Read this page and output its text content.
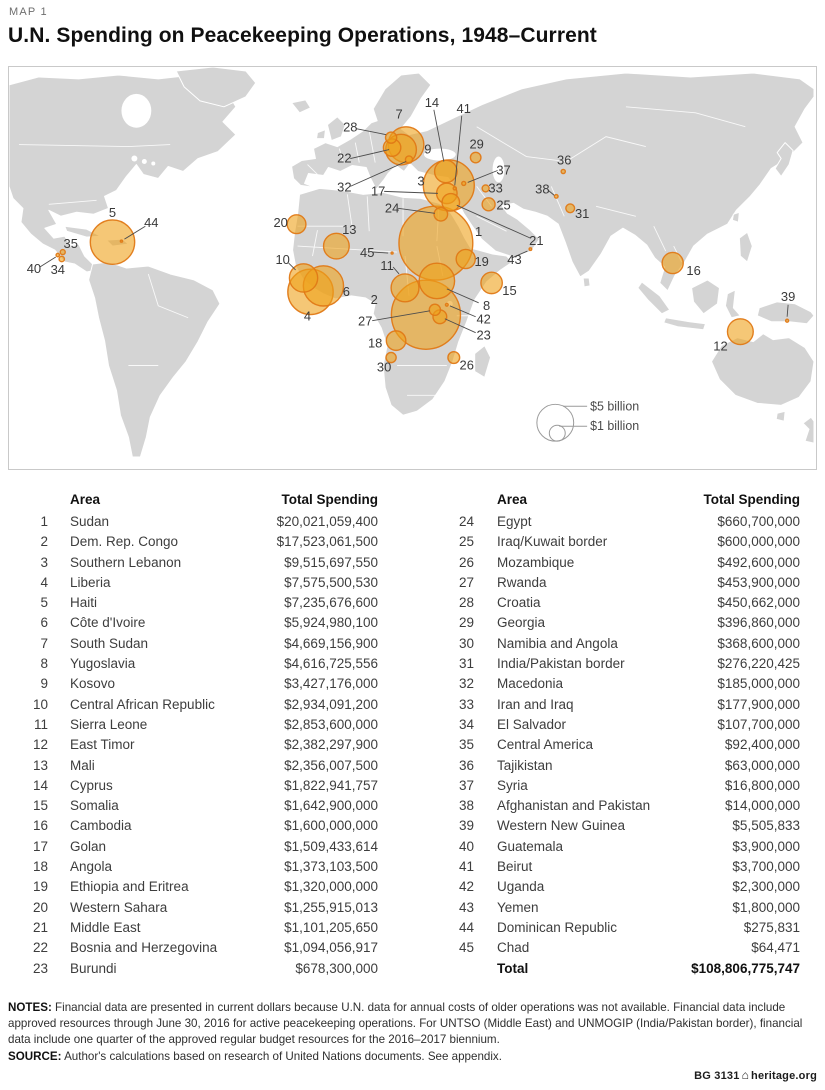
MAP 1
U.N. Spending on Peacekeeping Operations, 1948–Current
1
2
3
4
5
6
7
8
9
10	11
12
13
14
15
16
17
18
19
20
21
22
23
24	25
26
27
28
29
30
31
32	33
34
35
36
37
38
39
40
41
42
43
44
45
$5 billion
$1 billion
Area	Total Spending
1	Sudan	$20,021,059,400
2	Dem. Rep. Congo	$17,523,061,500
3	Southern Lebanon	$9,515,697,550
4	Liberia	$7,575,500,530
5	Haiti	$7,235,676,600
6	Côte d'Ivoire	$5,924,980,100
7	South Sudan	$4,669,156,900
8	Yugoslavia	$4,616,725,556
9	Kosovo	$3,427,176,000
10	Central African Republic	$2,934,091,200
11	Sierra Leone	$2,853,600,000
12	East Timor	$2,382,297,900
13	Mali	$2,356,007,500
14	Cyprus	$1,822,941,757
15	Somalia	$1,642,900,000
16	Cambodia	$1,600,000,000
17	Golan	$1,509,433,614
18	Angola	$1,373,103,500
19	Ethiopia and Eritrea	$1,320,000,000
20	Western Sahara	$1,255,915,013
21	Middle East	$1,101,205,650
22	Bosnia and Herzegovina	$1,094,056,917
23	Burundi	$678,300,000
Area	Total Spending
24	Egypt	$660,700,000
25	Iraq/Kuwait border	$600,000,000
26	Mozambique	$492,600,000
27	Rwanda	$453,900,000
28	Croatia	$450,662,000
29	Georgia	$396,860,000
30	Namibia and Angola	$368,600,000
31	India/Pakistan border	$276,220,425
32	Macedonia	$185,000,000
33	Iran and Iraq	$177,900,000
34	El Salvador	$107,700,000
35	Central America	$92,400,000
36	Tajikistan	$63,000,000
37	Syria	$16,800,000
38	Afghanistan and Pakistan	$14,000,000
39	Western New Guinea	$5,505,833
40	Guatemala	$3,900,000
41	Beirut	$3,700,000
42	Uganda	$2,300,000
43	Yemen	$1,800,000
44	Dominican Republic	$275,831
45	Chad	$64,471
Total	$108,806,775,747
NOTES: Financial data are presented in current dollars because U.N. data for annual costs of older operations was not available. Financial data include approved resources through June 30, 2016 for active peacekeeping operations. For UNTSO (Middle East) and UNMOGIP (India/Pakistan border), financial data include one quarter of the approved regular budget resources for the 2016–2017 biennium.
SOURCE: Author's calculations based on research of United Nations documents. See appendix.
BG 3131 ⌂ heritage.org
